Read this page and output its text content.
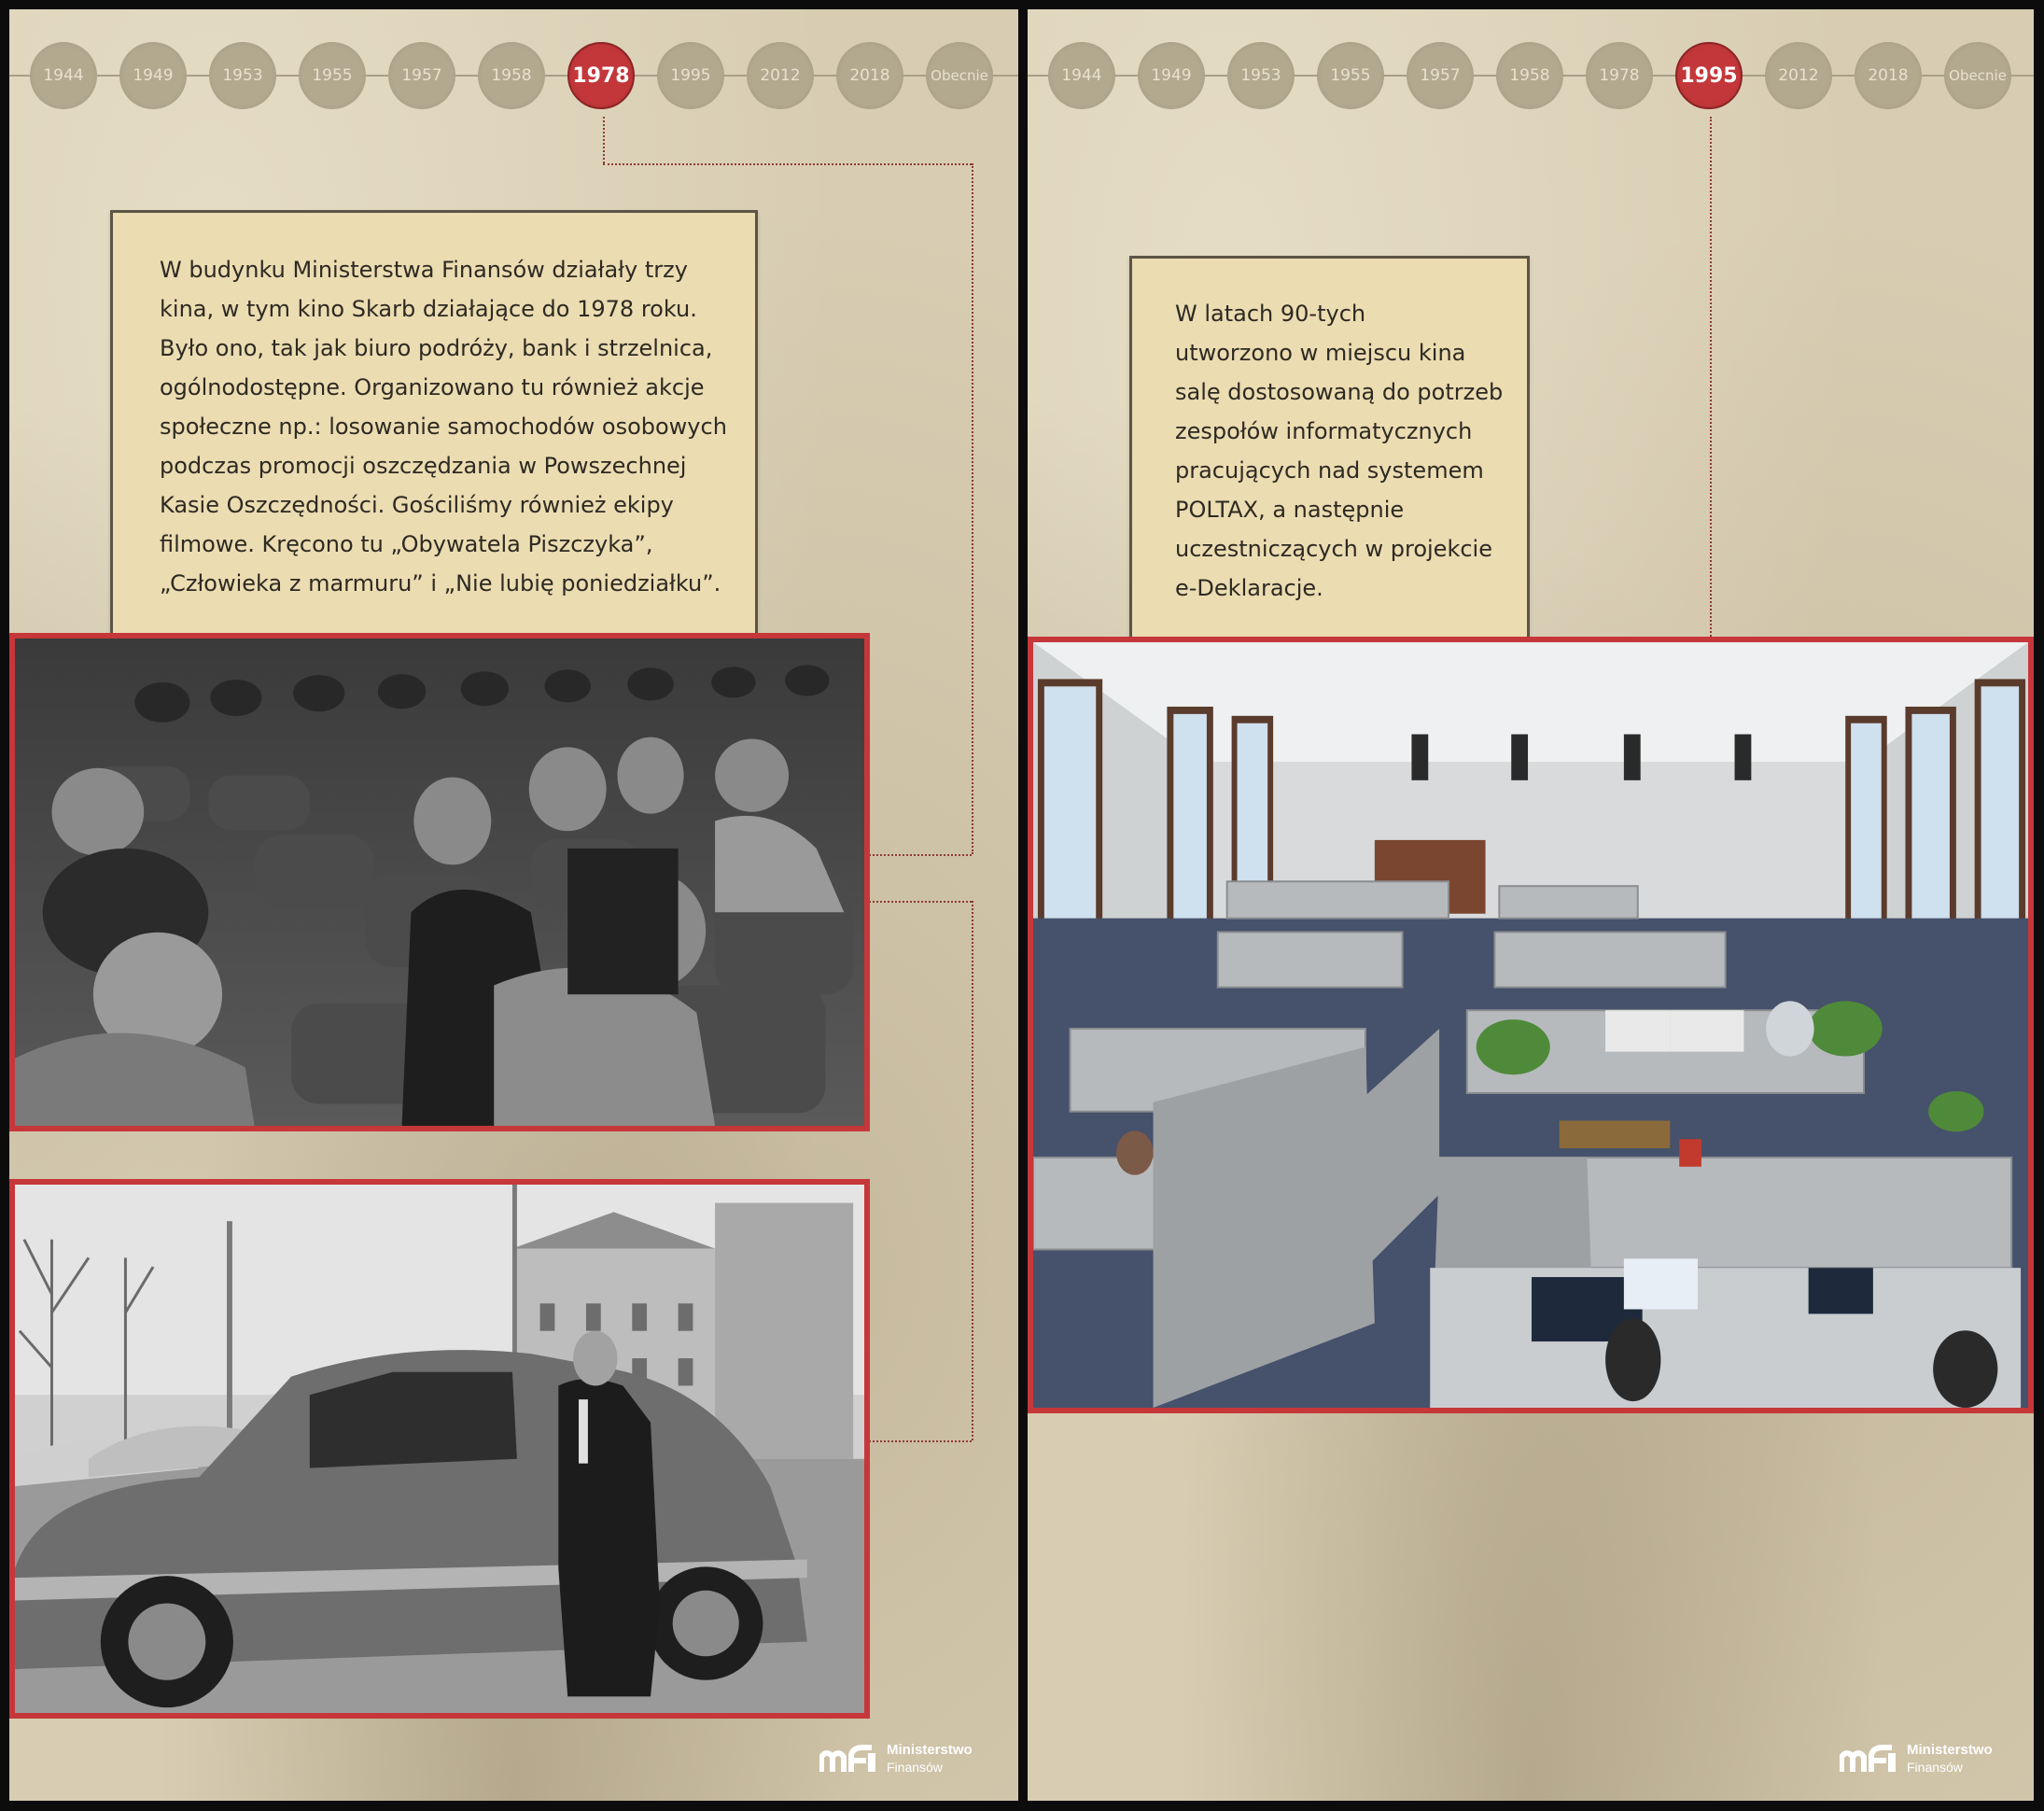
1944	1949	1953	1955	1957	1958	1978	1995	2012	2018	Obecnie

W budynku Ministerstwa Finansów działały trzy
kina, w tym kino Skarb działające do 1978 roku.
Było ono, tak jak biuro podróży, bank i strzelnica,
ogólnodostępne. Organizowano tu również akcje
społeczne np.: losowanie samochodów osobowych
podczas promocji oszczędzania w Powszechnej
Kasie Oszczędności. Gościliśmy również ekipy
filmowe. Kręcono tu „Obywatela Piszczyka”,
„Człowieka z marmuru” i „Nie lubię poniedziałku”.

Ministerstwo
Finansów
1944	1949	1953	1955	1957	1958	1978	1995	2012	2018	Obecnie

W latach 90-tych
utworzono w miejscu kina
salę dostosowaną do potrzeb
zespołów informatycznych
pracujących nad systemem
POLTAX, a następnie
uczestniczących w projekcie
e-Deklaracje.

Ministerstwo
Finansów
